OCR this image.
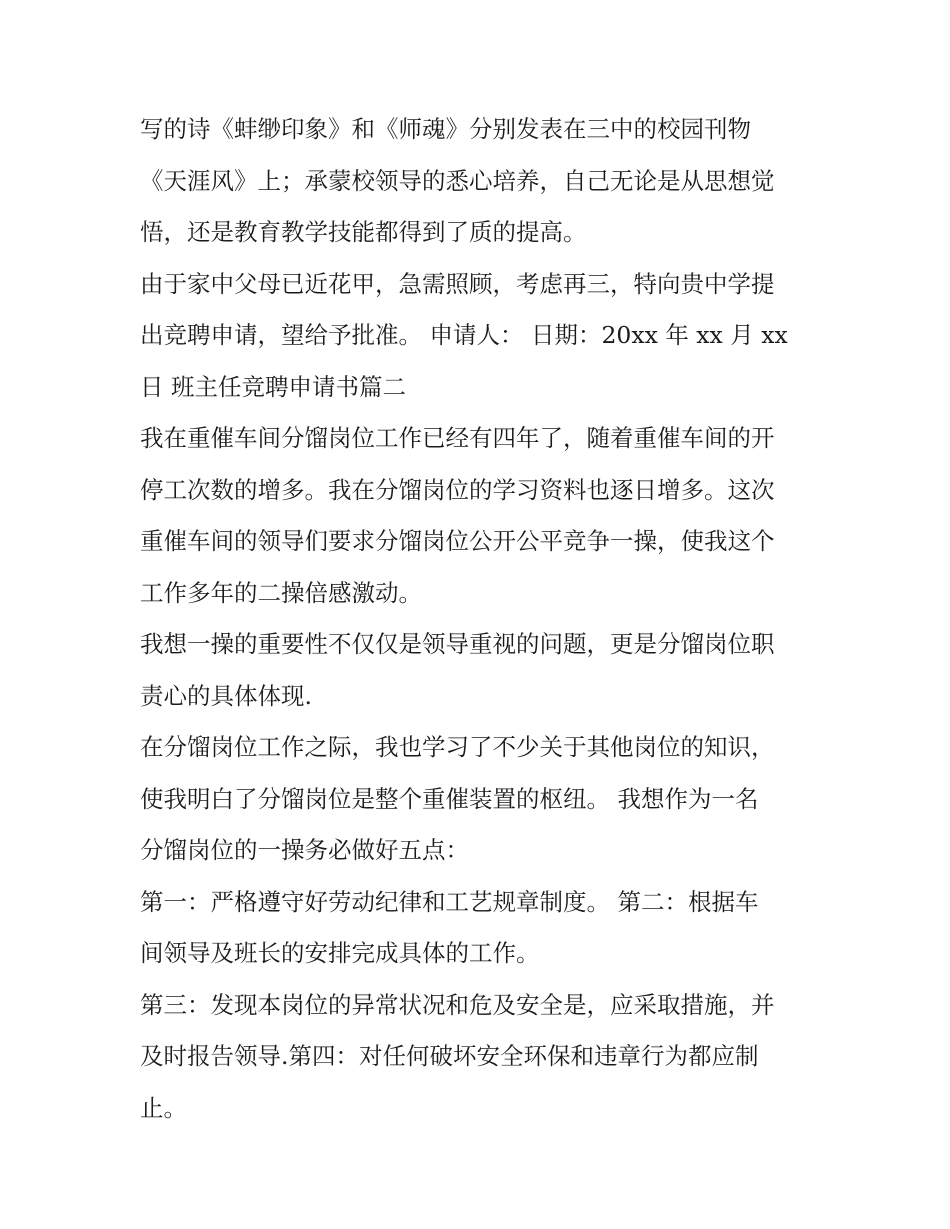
写的诗《蚌缈印象》和《师魂》分别发表在三中的校园刊物
《天涯风》上；承蒙校领导的悉心培养，自己无论是从思想觉
悟，还是教育教学技能都得到了质的提高。

由于家中父母已近花甲，急需照顾，考虑再三，特向贵中学提
出竞聘申请，望给予批准。 申请人： 日期：20xx 年 xx 月 xx
日 班主任竞聘申请书篇二

我在重催车间分馏岗位工作已经有四年了，随着重催车间的开
停工次数的增多。我在分馏岗位的学习资料也逐日增多。这次
重催车间的领导们要求分馏岗位公开公平竞争一操，使我这个
工作多年的二操倍感激动。

我想一操的重要性不仅仅是领导重视的问题，更是分馏岗位职
责心的具体体现.

在分馏岗位工作之际，我也学习了不少关于其他岗位的知识，
使我明白了分馏岗位是整个重催装置的枢纽。 我想作为一名
分馏岗位的一操务必做好五点：

第一：严格遵守好劳动纪律和工艺规章制度。 第二：根据车
间领导及班长的安排完成具体的工作。

第三：发现本岗位的异常状况和危及安全是，应采取措施，并
及时报告领导.第四：对任何破坏安全环保和违章行为都应制
止。
